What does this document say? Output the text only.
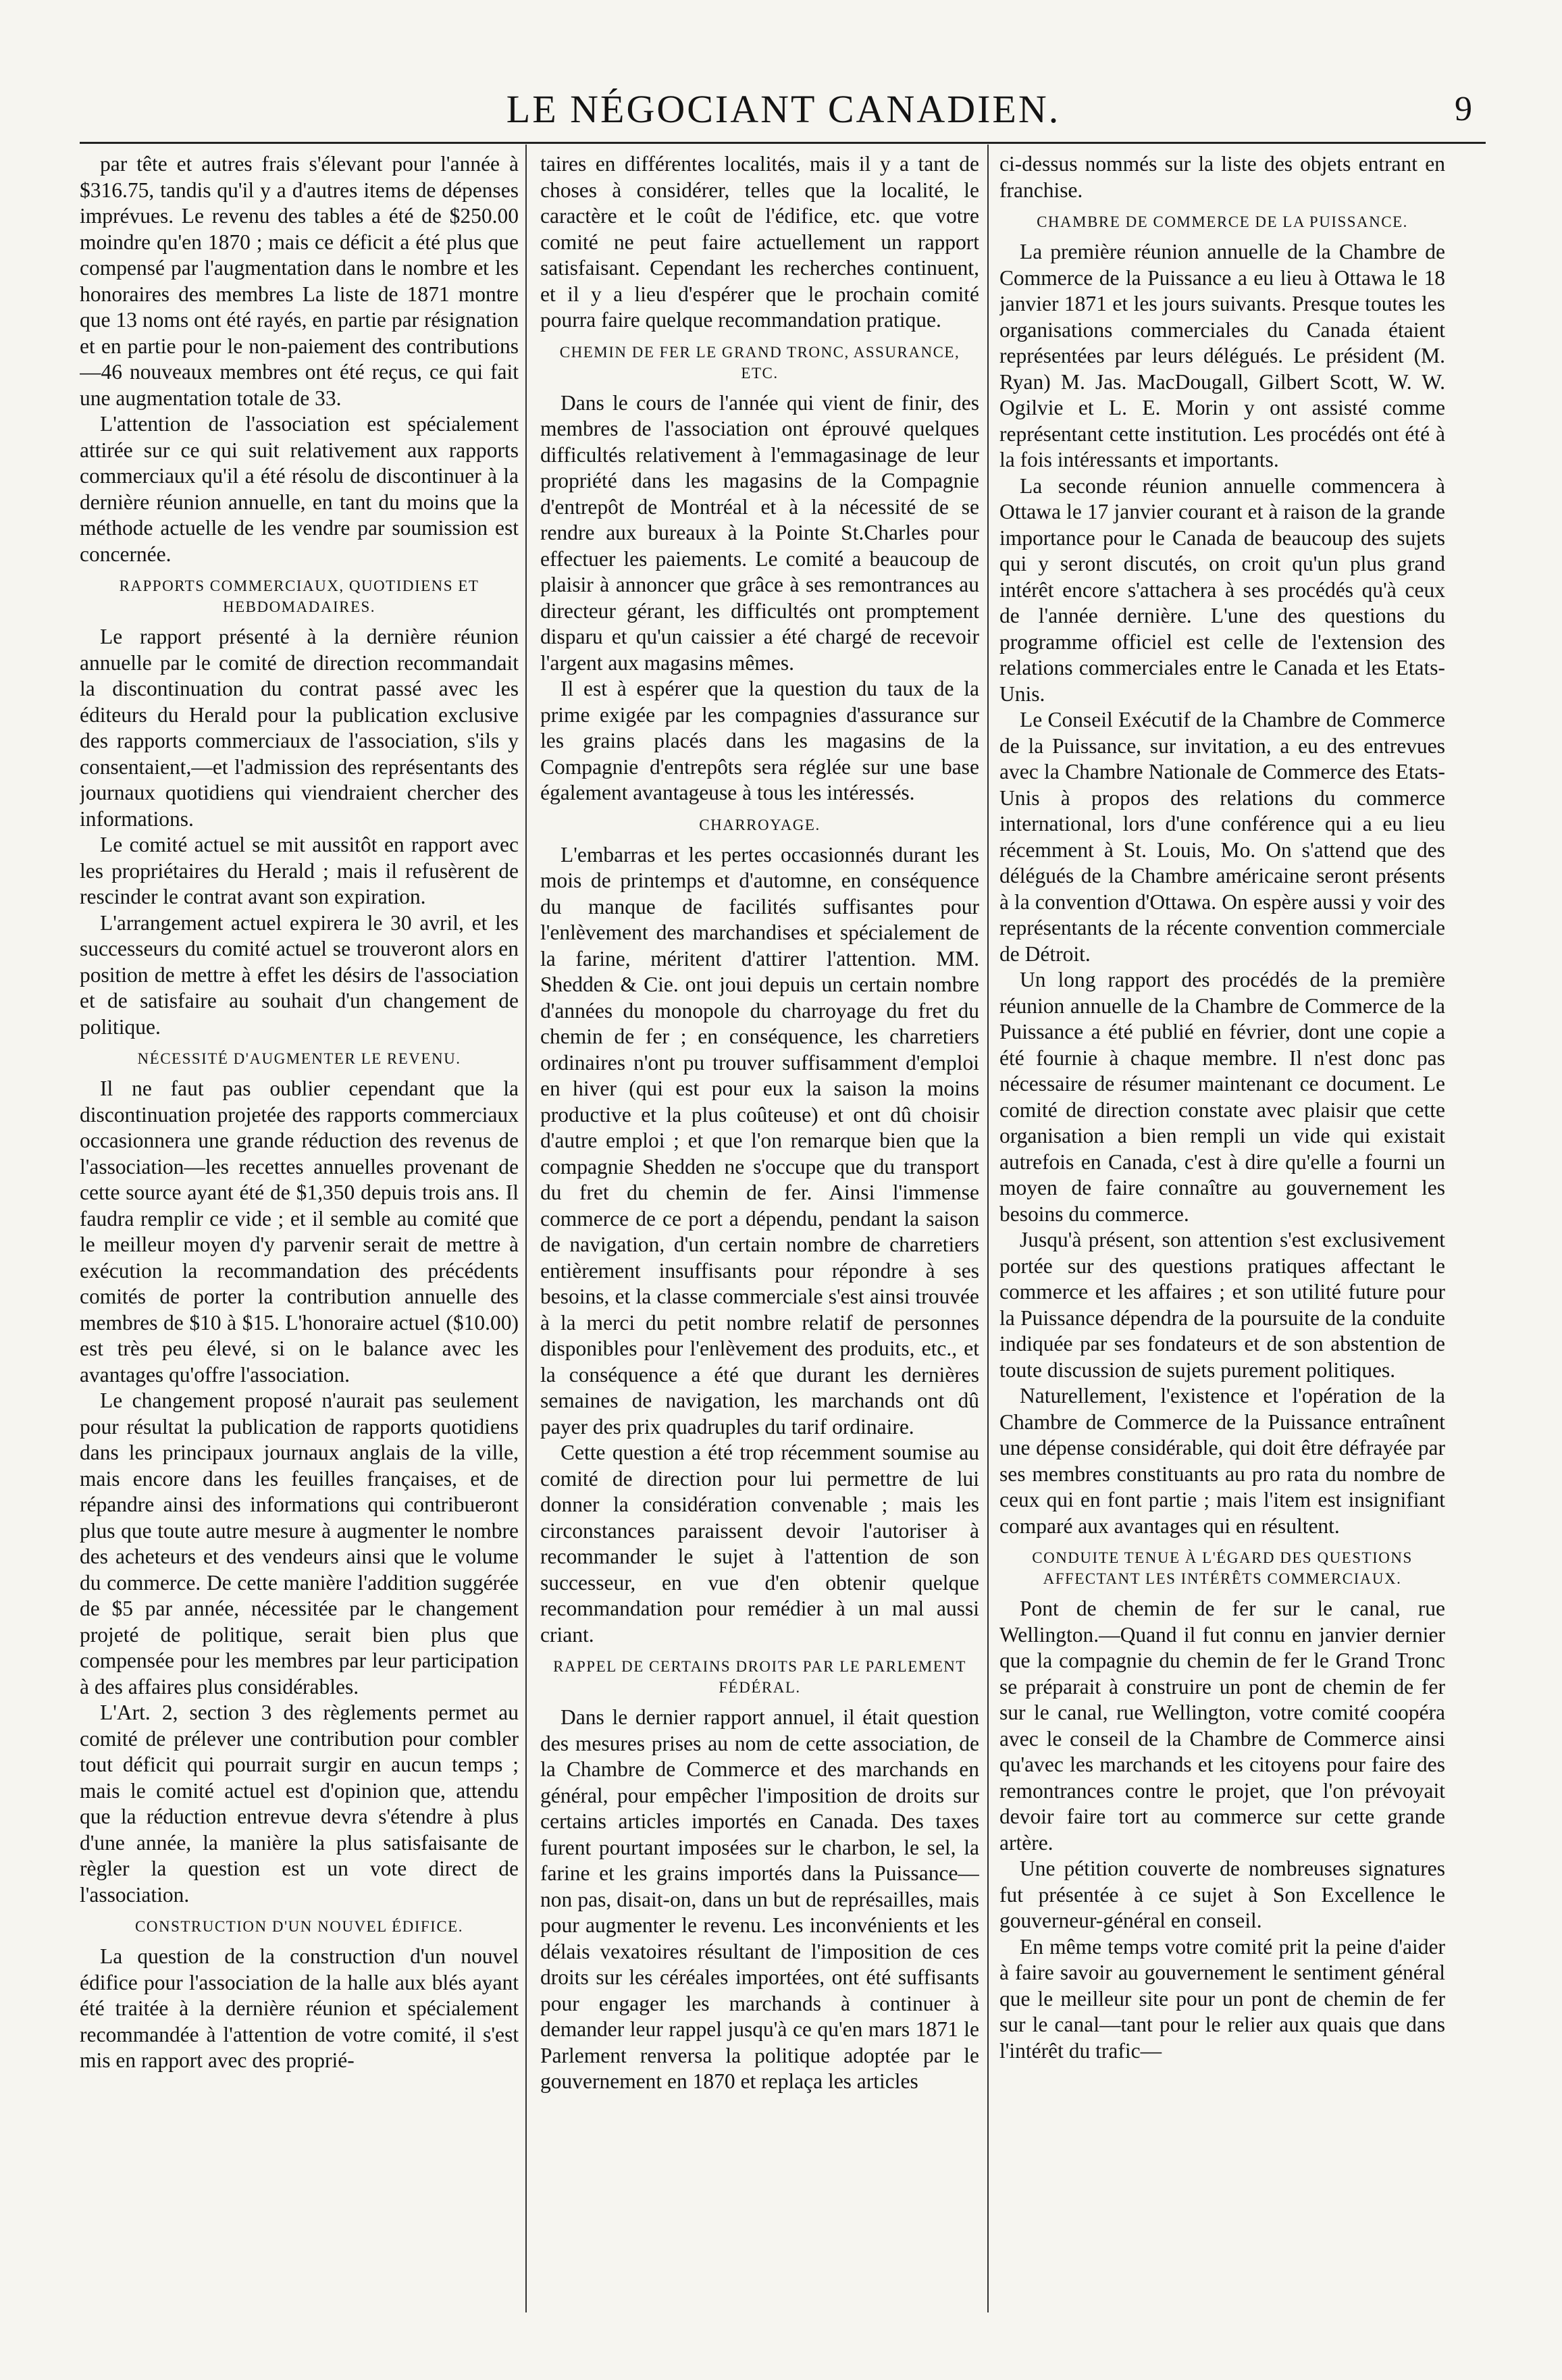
LE NÉGOCIANT CANADIEN.	9

par tête et autres frais s'élevant pour l'année à $316.75, tandis qu'il y a d'autres items de dépenses imprévues. Le revenu des tables a été de $250.00 moindre qu'en 1870 ; mais ce déficit a été plus que compensé par l'augmentation dans le nombre et les honoraires des membres La liste de 1871 montre que 13 noms ont été rayés, en partie par résignation et en partie pour le non-paiement des contributions—46 nouveaux membres ont été reçus, ce qui fait une augmentation totale de 33.

L'attention de l'association est spécialement attirée sur ce qui suit relativement aux rapports commerciaux qu'il a été résolu de discontinuer à la dernière réunion annuelle, en tant du moins que la méthode actuelle de les vendre par soumission est concernée.

RAPPORTS COMMERCIAUX, QUOTIDIENS ET HEBDOMADAIRES.

Le rapport présenté à la dernière réunion annuelle par le comité de direction recommandait la discontinuation du contrat passé avec les éditeurs du Herald pour la publication exclusive des rapports commerciaux de l'association, s'ils y consentaient,—et l'admission des représentants des journaux quotidiens qui viendraient chercher des informations.

Le comité actuel se mit aussitôt en rapport avec les propriétaires du Herald ; mais il refusèrent de rescinder le contrat avant son expiration.

L'arrangement actuel expirera le 30 avril, et les successeurs du comité actuel se trouveront alors en position de mettre à effet les désirs de l'association et de satisfaire au souhait d'un changement de politique.

NÉCESSITÉ D'AUGMENTER LE REVENU.

Il ne faut pas oublier cependant que la discontinuation projetée des rapports commerciaux occasionnera une grande réduction des revenus de l'association—les recettes annuelles provenant de cette source ayant été de $1,350 depuis trois ans. Il faudra remplir ce vide ; et il semble au comité que le meilleur moyen d'y parvenir serait de mettre à exécution la recommandation des précédents comités de porter la contribution annuelle des membres de $10 à $15. L'honoraire actuel ($10.00) est très peu élevé, si on le balance avec les avantages qu'offre l'association.

Le changement proposé n'aurait pas seulement pour résultat la publication de rapports quotidiens dans les principaux journaux anglais de la ville, mais encore dans les feuilles françaises, et de répandre ainsi des informations qui contribueront plus que toute autre mesure à augmenter le nombre des acheteurs et des vendeurs ainsi que le volume du commerce. De cette manière l'addition suggérée de $5 par année, nécessitée par le changement projeté de politique, serait bien plus que compensée pour les membres par leur participation à des affaires plus considérables.

L'Art. 2, section 3 des règlements permet au comité de prélever une contribution pour combler tout déficit qui pourrait surgir en aucun temps ; mais le comité actuel est d'opinion que, attendu que la réduction entrevue devra s'étendre à plus d'une année, la manière la plus satisfaisante de règler la question est un vote direct de l'association.

CONSTRUCTION D'UN NOUVEL ÉDIFICE.

La question de la construction d'un nouvel édifice pour l'association de la halle aux blés ayant été traitée à la dernière réunion et spécialement recommandée à l'attention de votre comité, il s'est mis en rapport avec des proprié-

taires en différentes localités, mais il y a tant de choses à considérer, telles que la localité, le caractère et le coût de l'édifice, etc. que votre comité ne peut faire actuellement un rapport satisfaisant. Cependant les recherches continuent, et il y a lieu d'espérer que le prochain comité pourra faire quelque recommandation pratique.

CHEMIN DE FER LE GRAND TRONC, ASSURANCE, ETC.

Dans le cours de l'année qui vient de finir, des membres de l'association ont éprouvé quelques difficultés relativement à l'emmagasinage de leur propriété dans les magasins de la Compagnie d'entrepôt de Montréal et à la nécessité de se rendre aux bureaux à la Pointe St.Charles pour effectuer les paiements. Le comité a beaucoup de plaisir à annoncer que grâce à ses remontrances au directeur gérant, les difficultés ont promptement disparu et qu'un caissier a été chargé de recevoir l'argent aux magasins mêmes.

Il est à espérer que la question du taux de la prime exigée par les compagnies d'assurance sur les grains placés dans les magasins de la Compagnie d'entrepôts sera réglée sur une base également avantageuse à tous les intéressés.

CHARROYAGE.

L'embarras et les pertes occasionnés durant les mois de printemps et d'automne, en conséquence du manque de facilités suffisantes pour l'enlèvement des marchandises et spécialement de la farine, méritent d'attirer l'attention. MM. Shedden & Cie. ont joui depuis un certain nombre d'années du monopole du charroyage du fret du chemin de fer ; en conséquence, les charretiers ordinaires n'ont pu trouver suffisamment d'emploi en hiver (qui est pour eux la saison la moins productive et la plus coûteuse) et ont dû choisir d'autre emploi ; et que l'on remarque bien que la compagnie Shedden ne s'occupe que du transport du fret du chemin de fer. Ainsi l'immense commerce de ce port a dépendu, pendant la saison de navigation, d'un certain nombre de charretiers entièrement insuffisants pour répondre à ses besoins, et la classe commerciale s'est ainsi trouvée à la merci du petit nombre relatif de personnes disponibles pour l'enlèvement des produits, etc., et la conséquence a été que durant les dernières semaines de navigation, les marchands ont dû payer des prix quadruples du tarif ordinaire.

Cette question a été trop récemment soumise au comité de direction pour lui permettre de lui donner la considération convenable ; mais les circonstances paraissent devoir l'autoriser à recommander le sujet à l'attention de son successeur, en vue d'en obtenir quelque recommandation pour remédier à un mal aussi criant.

RAPPEL DE CERTAINS DROITS PAR LE PARLEMENT FÉDÉRAL.

Dans le dernier rapport annuel, il était question des mesures prises au nom de cette association, de la Chambre de Commerce et des marchands en général, pour empêcher l'imposition de droits sur certains articles importés en Canada. Des taxes furent pourtant imposées sur le charbon, le sel, la farine et les grains importés dans la Puissance—non pas, disait-on, dans un but de représailles, mais pour augmenter le revenu. Les inconvénients et les délais vexatoires résultant de l'imposition de ces droits sur les céréales importées, ont été suffisants pour engager les marchands à continuer à demander leur rappel jusqu'à ce qu'en mars 1871 le Parlement renversa la politique adoptée par le gouvernement en 1870 et replaça les articles

ci-dessus nommés sur la liste des objets entrant en franchise.

CHAMBRE DE COMMERCE DE LA PUISSANCE.

La première réunion annuelle de la Chambre de Commerce de la Puissance a eu lieu à Ottawa le 18 janvier 1871 et les jours suivants. Presque toutes les organisations commerciales du Canada étaient représentées par leurs délégués. Le président (M. Ryan) M. Jas. MacDougall, Gilbert Scott, W. W. Ogilvie et L. E. Morin y ont assisté comme représentant cette institution. Les procédés ont été à la fois intéressants et importants.

La seconde réunion annuelle commencera à Ottawa le 17 janvier courant et à raison de la grande importance pour le Canada de beaucoup des sujets qui y seront discutés, on croit qu'un plus grand intérêt encore s'attachera à ses procédés qu'à ceux de l'année dernière. L'une des questions du programme officiel est celle de l'extension des relations commerciales entre le Canada et les Etats-Unis.

Le Conseil Exécutif de la Chambre de Commerce de la Puissance, sur invitation, a eu des entrevues avec la Chambre Nationale de Commerce des Etats-Unis à propos des relations du commerce international, lors d'une conférence qui a eu lieu récemment à St. Louis, Mo. On s'attend que des délégués de la Chambre américaine seront présents à la convention d'Ottawa. On espère aussi y voir des représentants de la récente convention commerciale de Détroit.

Un long rapport des procédés de la première réunion annuelle de la Chambre de Commerce de la Puissance a été publié en février, dont une copie a été fournie à chaque membre. Il n'est donc pas nécessaire de résumer maintenant ce document. Le comité de direction constate avec plaisir que cette organisation a bien rempli un vide qui existait autrefois en Canada, c'est à dire qu'elle a fourni un moyen de faire connaître au gouvernement les besoins du commerce.

Jusqu'à présent, son attention s'est exclusivement portée sur des questions pratiques affectant le commerce et les affaires ; et son utilité future pour la Puissance dépendra de la poursuite de la conduite indiquée par ses fondateurs et de son abstention de toute discussion de sujets purement politiques.

Naturellement, l'existence et l'opération de la Chambre de Commerce de la Puissance entraînent une dépense considérable, qui doit être défrayée par ses membres constituants au pro rata du nombre de ceux qui en font partie ; mais l'item est insignifiant comparé aux avantages qui en résultent.

CONDUITE TENUE À L'ÉGARD DES QUESTIONS AFFECTANT LES INTÉRÊTS COMMERCIAUX.

Pont de chemin de fer sur le canal, rue Wellington.—Quand il fut connu en janvier dernier que la compagnie du chemin de fer le Grand Tronc se préparait à construire un pont de chemin de fer sur le canal, rue Wellington, votre comité coopéra avec le conseil de la Chambre de Commerce ainsi qu'avec les marchands et les citoyens pour faire des remontrances contre le projet, que l'on prévoyait devoir faire tort au commerce sur cette grande artère.

Une pétition couverte de nombreuses signatures fut présentée à ce sujet à Son Excellence le gouverneur-général en conseil.

En même temps votre comité prit la peine d'aider à faire savoir au gouvernement le sentiment général que le meilleur site pour un pont de chemin de fer sur le canal—tant pour le relier aux quais que dans l'intérêt du trafic—
